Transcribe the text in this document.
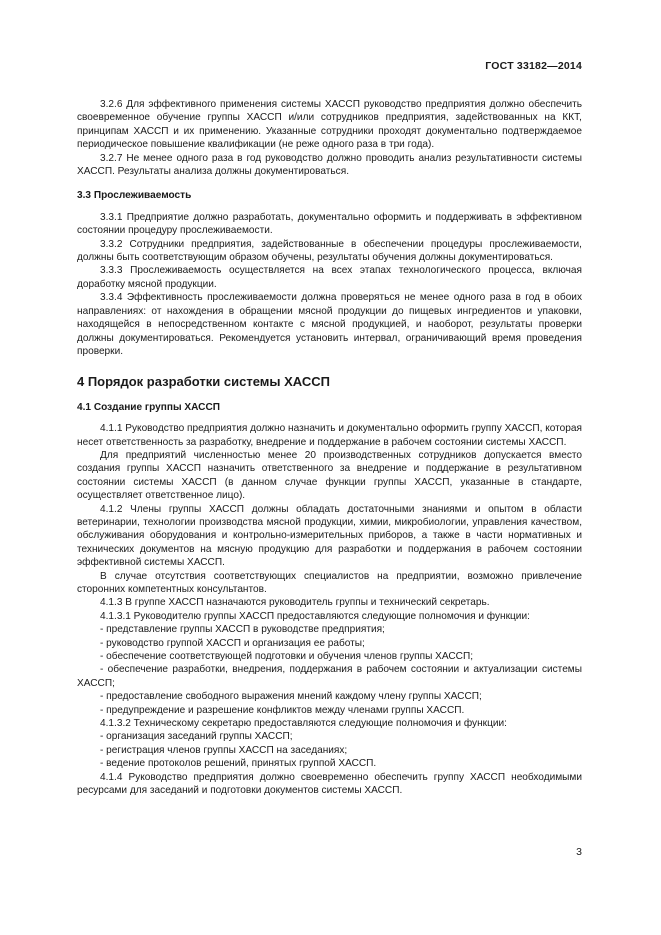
ГОСТ 33182—2014

3.2.6 Для эффективного применения системы ХАССП руководство предприятия должно обеспечить своевременное обучение группы ХАССП и/или сотрудников предприятия, задействованных на ККТ, принципам ХАССП и их применению. Указанные сотрудники проходят документально подтверждаемое периодическое повышение квалификации (не реже одного раза в три года).

3.2.7 Не менее одного раза в год руководство должно проводить анализ результативности системы ХАССП. Результаты анализа должны документироваться.

3.3 Прослеживаемость

3.3.1 Предприятие должно разработать, документально оформить и поддерживать в эффективном состоянии процедуру прослеживаемости.

3.3.2 Сотрудники предприятия, задействованные в обеспечении процедуры прослеживаемости, должны быть соответствующим образом обучены, результаты обучения должны документироваться.

3.3.3 Прослеживаемость осуществляется на всех этапах технологического процесса, включая доработку мясной продукции.

3.3.4 Эффективность прослеживаемости должна проверяться не менее одного раза в год в обоих направлениях: от нахождения в обращении мясной продукции до пищевых ингредиентов и упаковки, находящейся в непосредственном контакте с мясной продукцией, и наоборот, результаты проверки должны документироваться. Рекомендуется установить интервал, ограничивающий время проведения проверки.

4 Порядок разработки системы ХАССП
4.1 Создание группы ХАССП

4.1.1 Руководство предприятия должно назначить и документально оформить группу ХАССП, которая несет ответственность за разработку, внедрение и поддержание в рабочем состоянии системы ХАССП.

Для предприятий численностью менее 20 производственных сотрудников допускается вместо создания группы ХАССП назначить ответственного за внедрение и поддержание в результативном состоянии системы ХАССП (в данном случае функции группы ХАССП, указанные в стандарте, осуществляет ответственное лицо).

4.1.2 Члены группы ХАССП должны обладать достаточными знаниями и опытом в области ветеринарии, технологии производства мясной продукции, химии, микробиологии, управления качеством, обслуживания оборудования и контрольно-измерительных приборов, а также в части нормативных и технических документов на мясную продукцию для разработки и поддержания в рабочем состоянии эффективной системы ХАССП.

В случае отсутствия соответствующих специалистов на предприятии, возможно привлечение сторонних компетентных консультантов.

4.1.3 В группе ХАССП назначаются руководитель группы и технический секретарь.

4.1.3.1 Руководителю группы ХАССП предоставляются следующие полномочия и функции:

- представление группы ХАССП в руководстве предприятия;

- руководство группой ХАССП и организация ее работы;

- обеспечение соответствующей подготовки и обучения членов группы ХАССП;

- обеспечение разработки, внедрения, поддержания в рабочем состоянии и актуализации системы ХАССП;

- предоставление свободного выражения мнений каждому члену группы ХАССП;

- предупреждение и разрешение конфликтов между членами группы ХАССП.

4.1.3.2 Техническому секретарю предоставляются следующие полномочия и функции:

- организация заседаний группы ХАССП;

- регистрация членов группы ХАССП на заседаниях;

- ведение протоколов решений, принятых группой ХАССП.

4.1.4 Руководство предприятия должно своевременно обеспечить группу ХАССП необходимыми ресурсами для заседаний и подготовки документов системы ХАССП.

3
